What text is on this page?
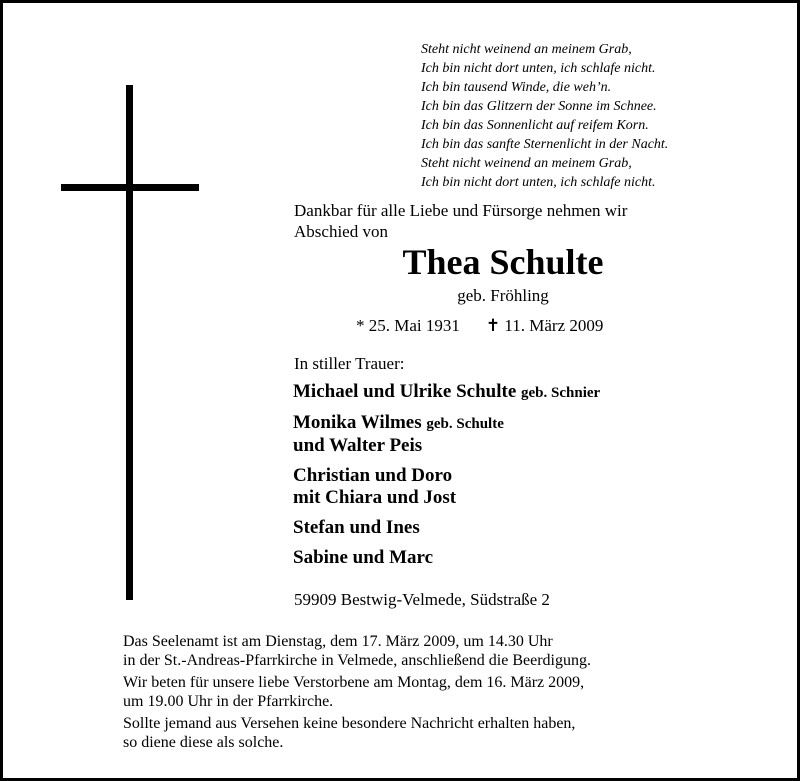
Steht nicht weinend an meinem Grab,
Ich bin nicht dort unten, ich schlafe nicht.
Ich bin tausend Winde, die weh’n.
Ich bin das Glitzern der Sonne im Schnee.
Ich bin das Sonnenlicht auf reifem Korn.
Ich bin das sanfte Sternenlicht in der Nacht.
Steht nicht weinend an meinem Grab,
Ich bin nicht dort unten, ich schlafe nicht.
Dankbar für alle Liebe und Fürsorge nehmen wir
Abschied von
Thea Schulte
geb. Fröhling
* 25. Mai 1931 ✝ 11. März 2009
In stiller Trauer:
Michael und Ulrike Schulte geb. Schnier
Monika Wilmes geb. Schulte
und Walter Peis
Christian und Doro
mit Chiara und Jost
Stefan und Ines
Sabine und Marc
59909 Bestwig-Velmede, Südstraße 2

Das Seelenamt ist am Dienstag, dem 17. März 2009, um 14.30 Uhr
in der St.-Andreas-Pfarrkirche in Velmede, anschließend die Beerdigung.

Wir beten für unsere liebe Verstorbene am Montag, dem 16. März 2009,
um 19.00 Uhr in der Pfarrkirche.

Sollte jemand aus Versehen keine besondere Nachricht erhalten haben,
so diene diese als solche.
